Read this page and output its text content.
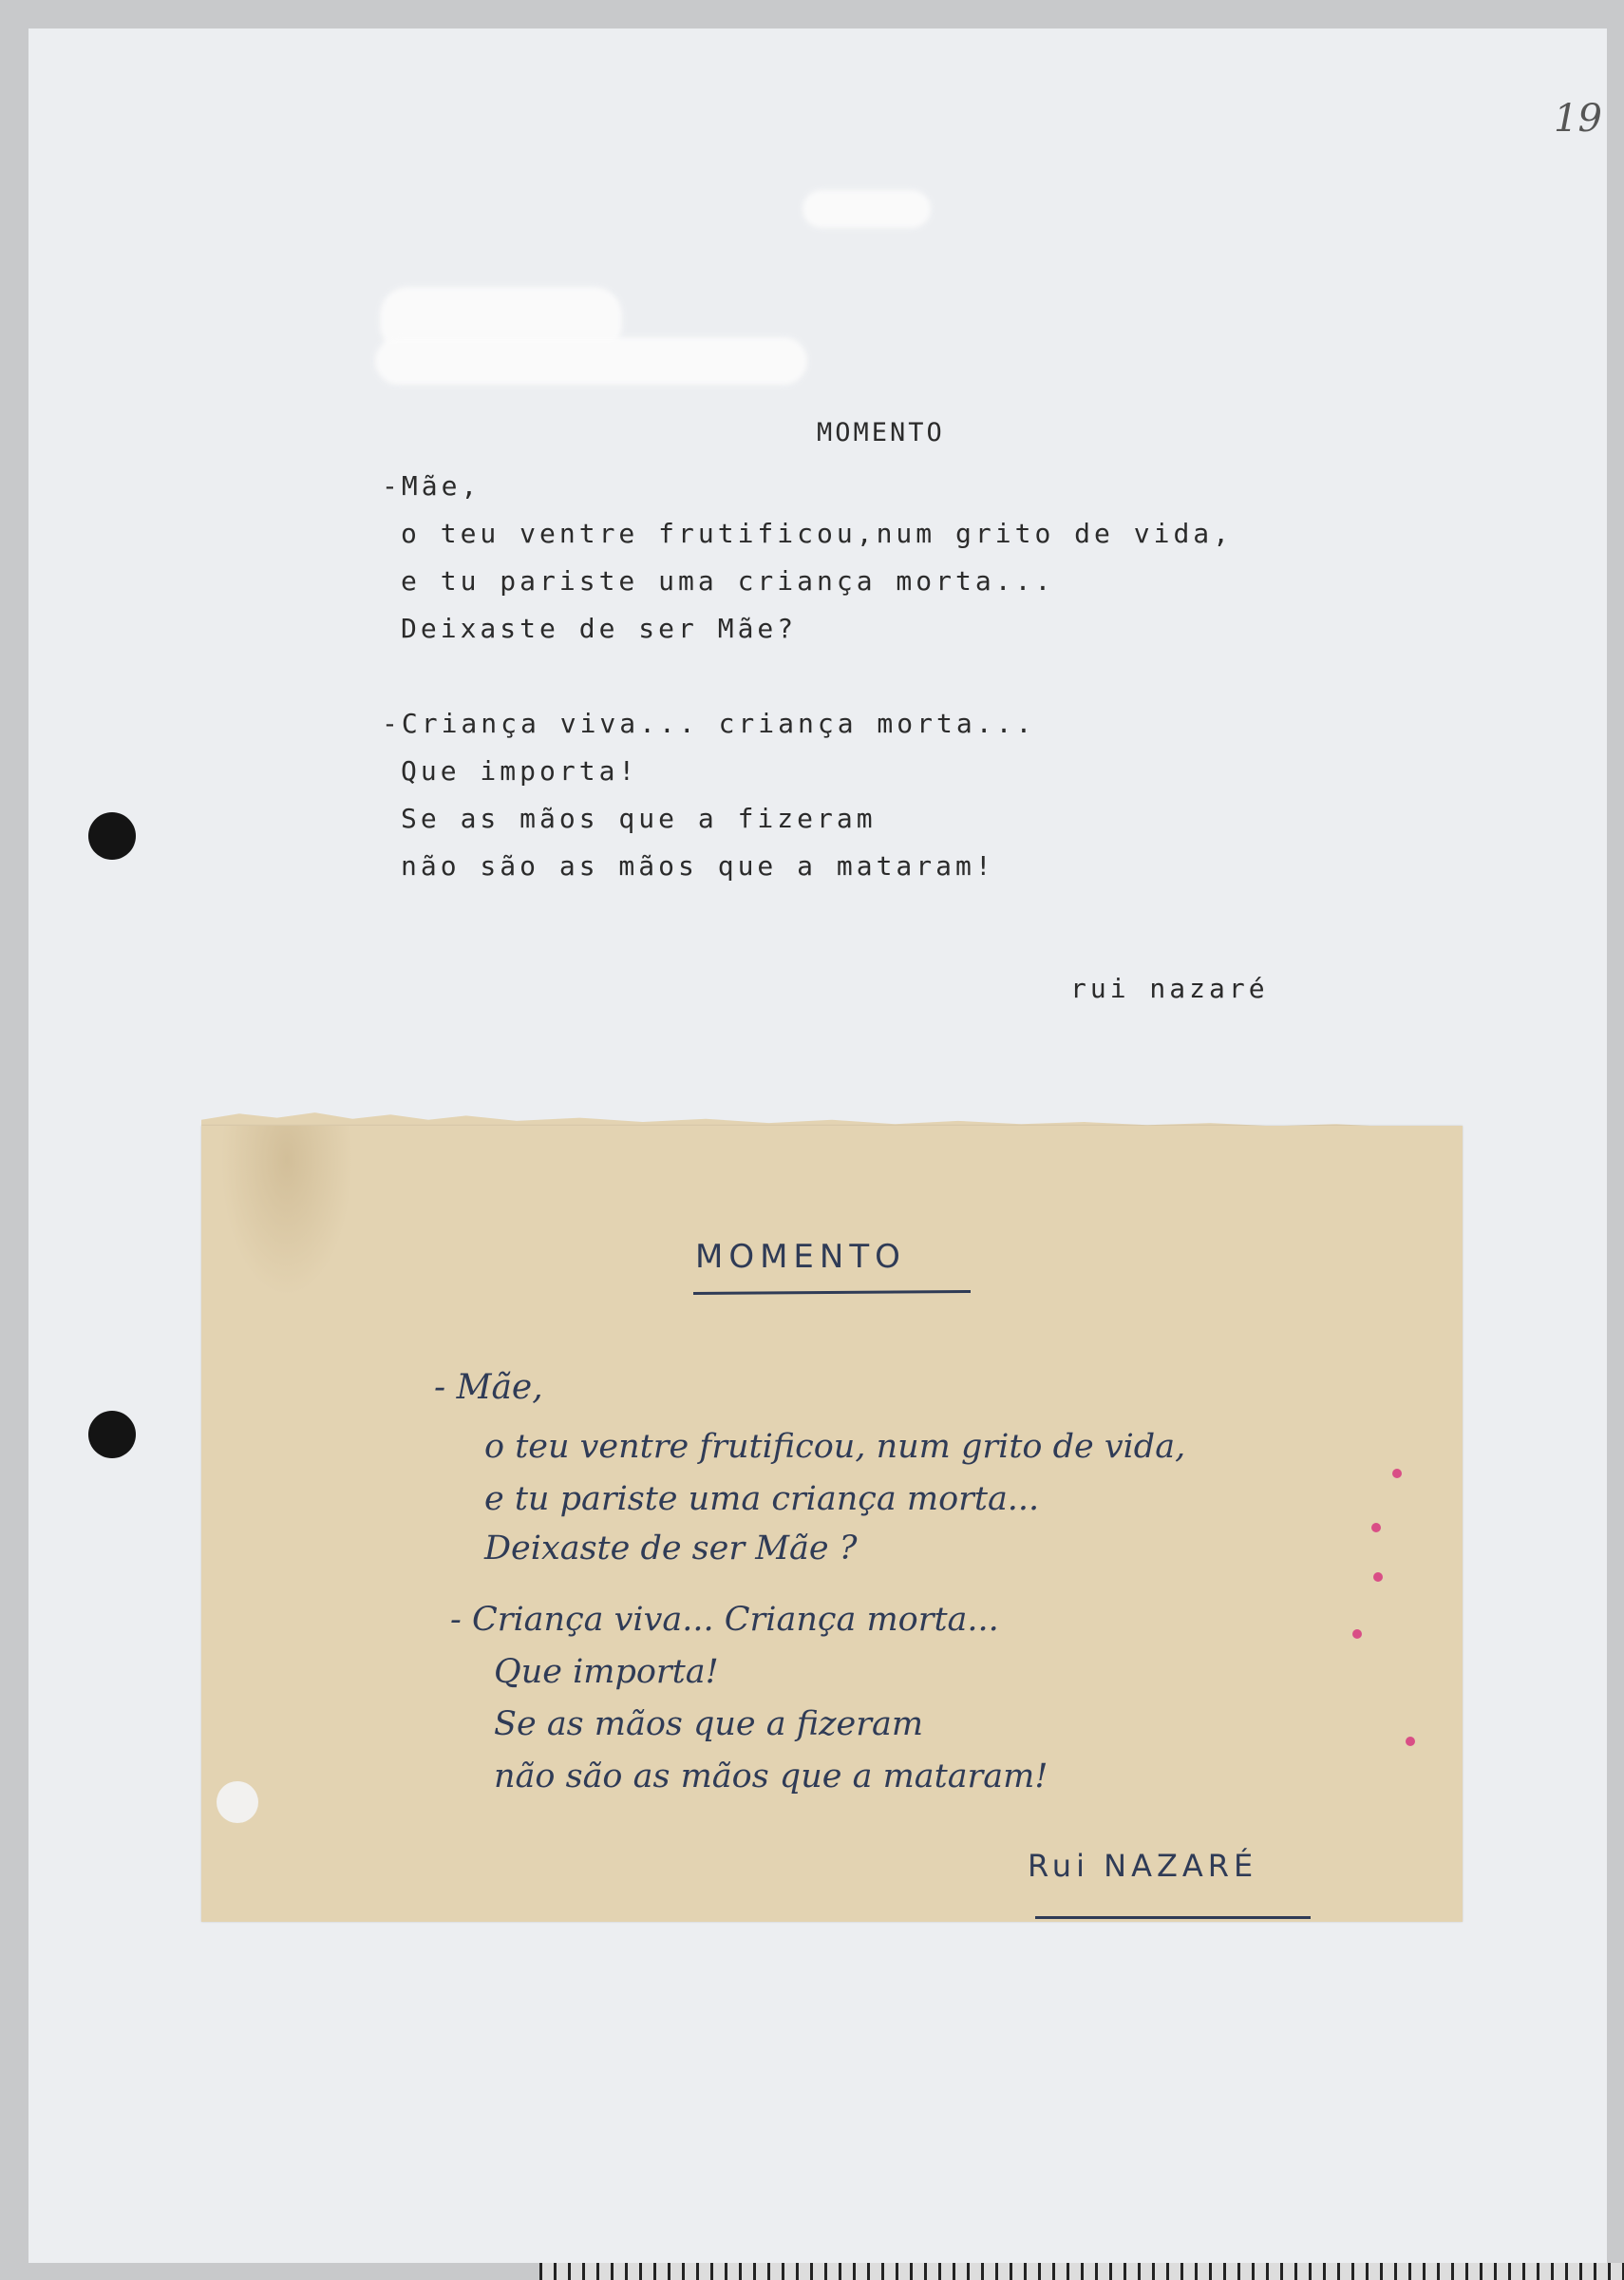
19
MOMENTO
-Mãe,
o teu ventre frutificou,num grito de vida,
e tu pariste uma criança morta...
Deixaste de ser Mãe?
-Criança viva... criança morta...
Que importa!
Se as mãos que a fizeram
não são as mãos que a mataram!
rui nazaré
MOMENTO
- Mãe,
o teu ventre frutificou, num grito de vida,
e tu pariste uma criança morta...
Deixaste de ser Mãe ?
- Criança viva... Criança morta...
Que importa!
Se as mãos que a fizeram
não são as mãos que a mataram!
Rui NAZARÉ
